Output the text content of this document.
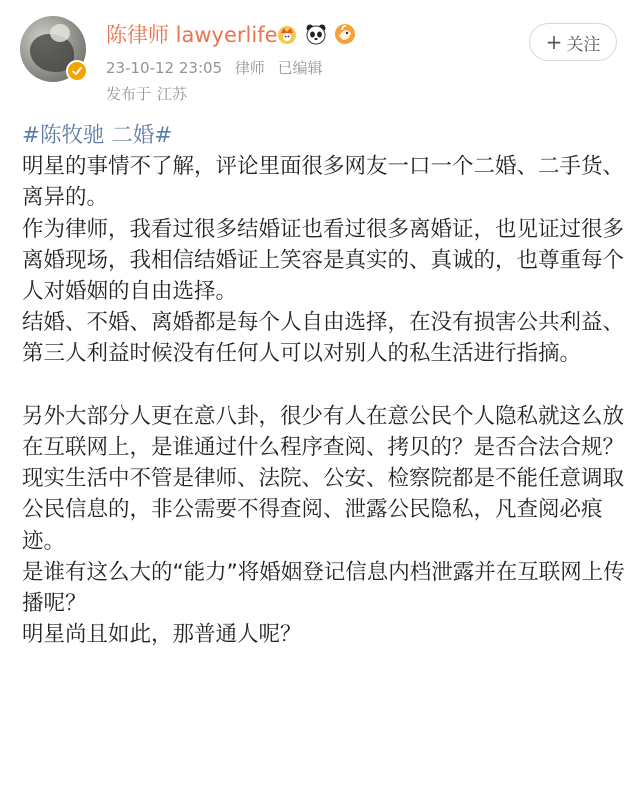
陈律师 lawyerlife
23-10-12 23:05 律师 已编辑
发布于 江苏
+ 关注
#陈牧驰 二婚#

明星的事情不了解，评论里面很多网友一口一个二婚、二手货、离异的。

作为律师，我看过很多结婚证也看过很多离婚证，也见证过很多离婚现场，我相信结婚证上笑容是真实的、真诚的，也尊重每个人对婚姻的自由选择。

结婚、不婚、离婚都是每个人自由选择，在没有损害公共利益、第三人利益时候没有任何人可以对别人的私生活进行指摘。

另外大部分人更在意八卦，很少有人在意公民个人隐私就这么放在互联网上，是谁通过什么程序查阅、拷贝的？是否合法合规？

现实生活中不管是律师、法院、公安、检察院都是不能任意调取公民信息的，非公需要不得查阅、泄露公民隐私，凡查阅必痕迹。

是谁有这么大的“能力”将婚姻登记信息内档泄露并在互联网上传播呢？

明星尚且如此，那普通人呢？
